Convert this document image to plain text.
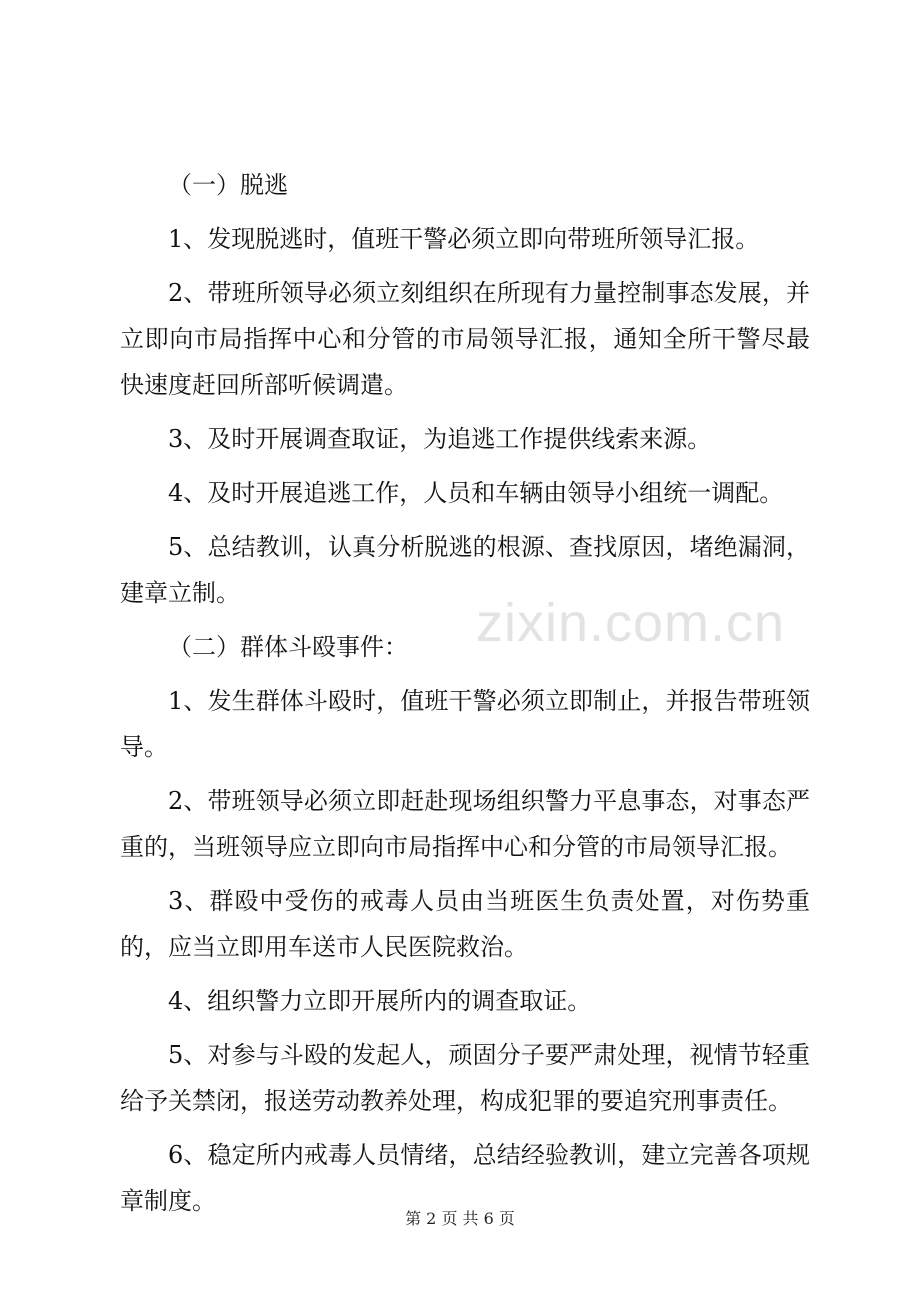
zixin.com.cn

（一）脱逃

1、发现脱逃时，值班干警必须立即向带班所领导汇报。

2、带班所领导必须立刻组织在所现有力量控制事态发展，并立即向市局指挥中心和分管的市局领导汇报，通知全所干警尽最快速度赶回所部听候调遣。

3、及时开展调查取证，为追逃工作提供线索来源。

4、及时开展追逃工作，人员和车辆由领导小组统一调配。

5、总结教训，认真分析脱逃的根源、查找原因，堵绝漏洞，建章立制。

（二）群体斗殴事件：

1、发生群体斗殴时，值班干警必须立即制止，并报告带班领导。

2、带班领导必须立即赶赴现场组织警力平息事态，对事态严重的，当班领导应立即向市局指挥中心和分管的市局领导汇报。

3、群殴中受伤的戒毒人员由当班医生负责处置，对伤势重的，应当立即用车送市人民医院救治。

4、组织警力立即开展所内的调查取证。

5、对参与斗殴的发起人，顽固分子要严肃处理，视情节轻重给予关禁闭，报送劳动教养处理，构成犯罪的要追究刑事责任。

6、稳定所内戒毒人员情绪，总结经验教训，建立完善各项规章制度。

第 2 页 共 6 页
